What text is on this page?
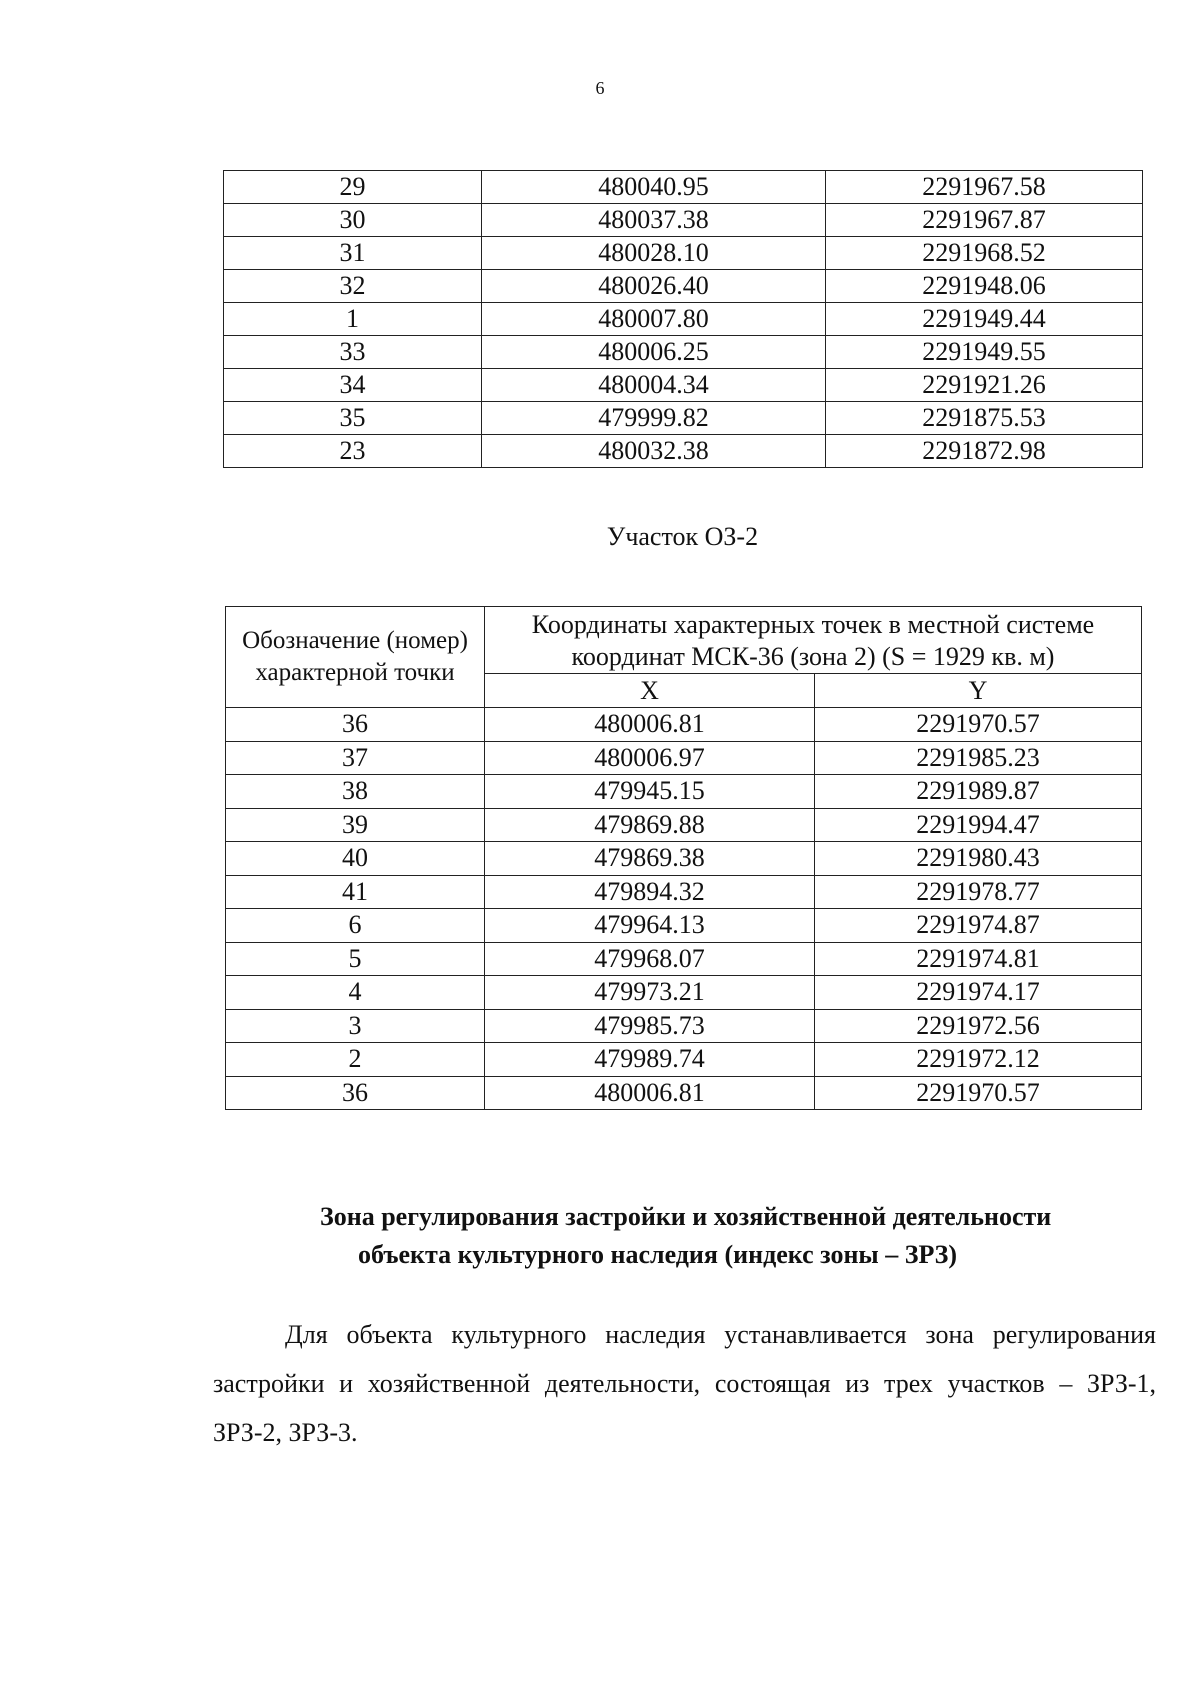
6
29	480040.95	2291967.58
30	480037.38	2291967.87
31	480028.10	2291968.52
32	480026.40	2291948.06
1	480007.80	2291949.44
33	480006.25	2291949.55
34	480004.34	2291921.26
35	479999.82	2291875.53
23	480032.38	2291872.98
Участок ОЗ-2
Обозначение (номер) характерной точки	Координаты характерных точек в местной системе координат МСК-36 (зона 2) (S = 1929 кв. м)	
	X	Y
36	480006.81	2291970.57
37	480006.97	2291985.23
38	479945.15	2291989.87
39	479869.88	2291994.47
40	479869.38	2291980.43
41	479894.32	2291978.77
6	479964.13	2291974.87
5	479968.07	2291974.81
4	479973.21	2291974.17
3	479985.73	2291972.56
2	479989.74	2291972.12
36	480006.81	2291970.57
Зона регулирования застройки и хозяйственной деятельности
объекта культурного наследия (индекс зоны – ЗРЗ)
Для объекта культурного наследия устанавливается зона регулирования застройки и хозяйственной деятельности, состоящая из трех участков – ЗРЗ-1, ЗРЗ-2, ЗРЗ-3.
